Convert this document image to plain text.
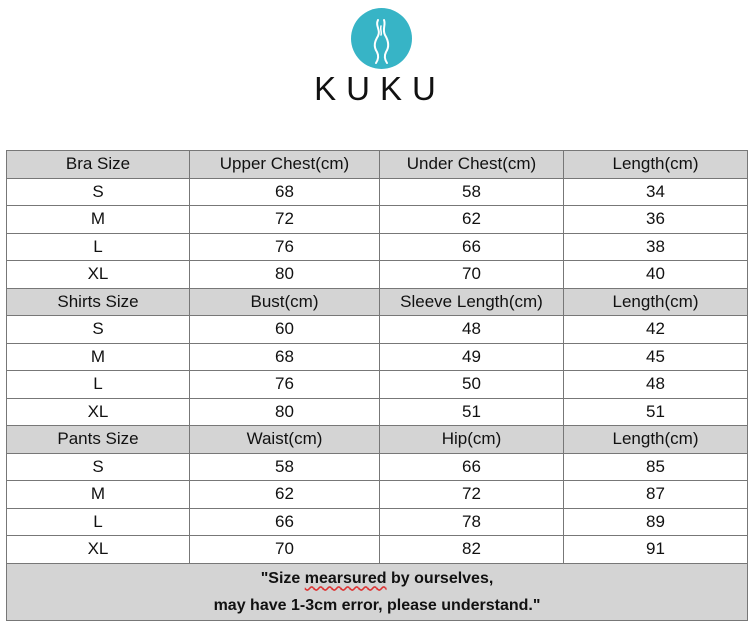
KUKU
Bra Size	Upper Chest(cm)	Under Chest(cm)	Length(cm)
S	68	58	34
M	72	62	36
L	76	66	38
XL	80	70	40
Shirts Size	Bust(cm)	Sleeve Length(cm)	Length(cm)
S	60	48	42
M	68	49	45
L	76	50	48
XL	80	51	51
Pants Size	Waist(cm)	Hip(cm)	Length(cm)
S	58	66	85
M	62	72	87
L	66	78	89
XL	70	82	91
"Size mearsured by ourselves,
may have 1-3cm error, please understand."			
